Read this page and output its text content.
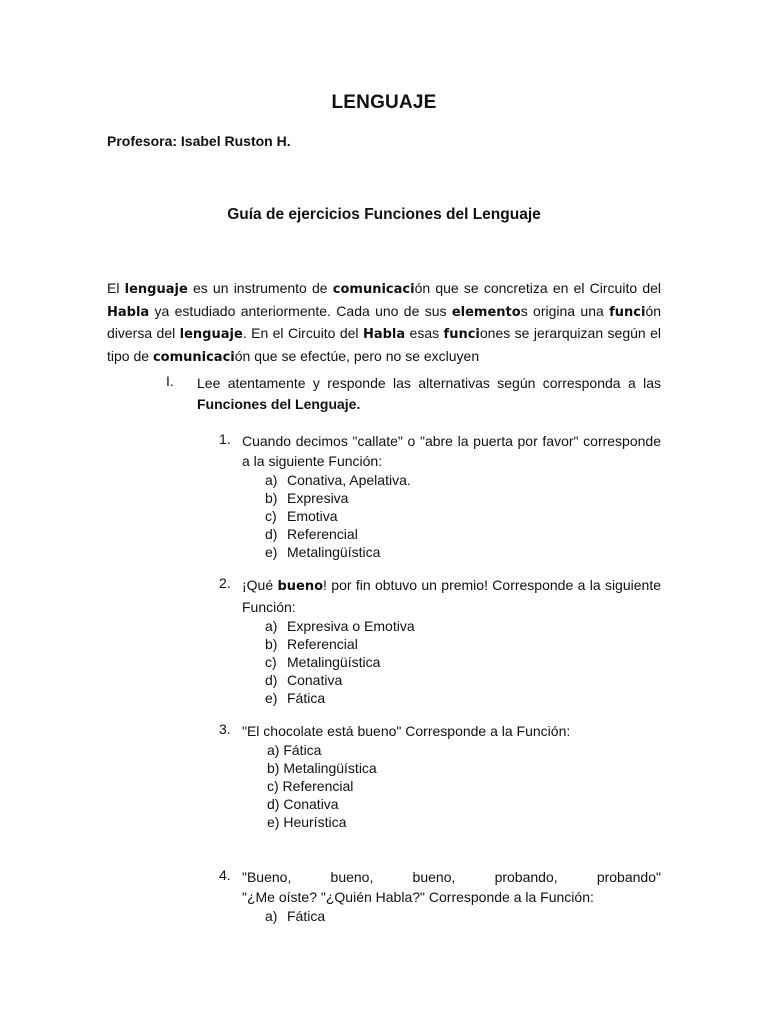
LENGUAJE
Profesora: Isabel Ruston H.
Guía de ejercicios Funciones del Lenguaje
El lenguaje es un instrumento de comunicación que se concretiza en el Circuito del Habla ya estudiado anteriormente. Cada uno de sus elementos origina una función diversa del lenguaje. En el Circuito del Habla esas funciones se jerarquizan según el tipo de comunicación que se efectúe, pero no se excluyen
I. Lee atentamente y responde las alternativas según corresponda a las Funciones del Lenguaje.
1. Cuando decimos "callate" o "abre la puerta por favor" corresponde a la siguiente Función:
a) Conativa, Apelativa.
b) Expresiva
c) Emotiva
d) Referencial
e) Metalingüística
2. ¡Qué bueno! por fin obtuvo un premio! Corresponde a la siguiente Función:
a) Expresiva o Emotiva
b) Referencial
c) Metalingüística
d) Conativa
e) Fática
3. "El chocolate está bueno" Corresponde a la Función:
a) Fática
b) Metalingüística
c) Referencial
d) Conativa
e) Heurística
4. "Bueno,	bueno,	bueno,	probando,	probando"
"¿Me oíste? "¿Quién Habla?" Corresponde a la Función:
a) Fática
